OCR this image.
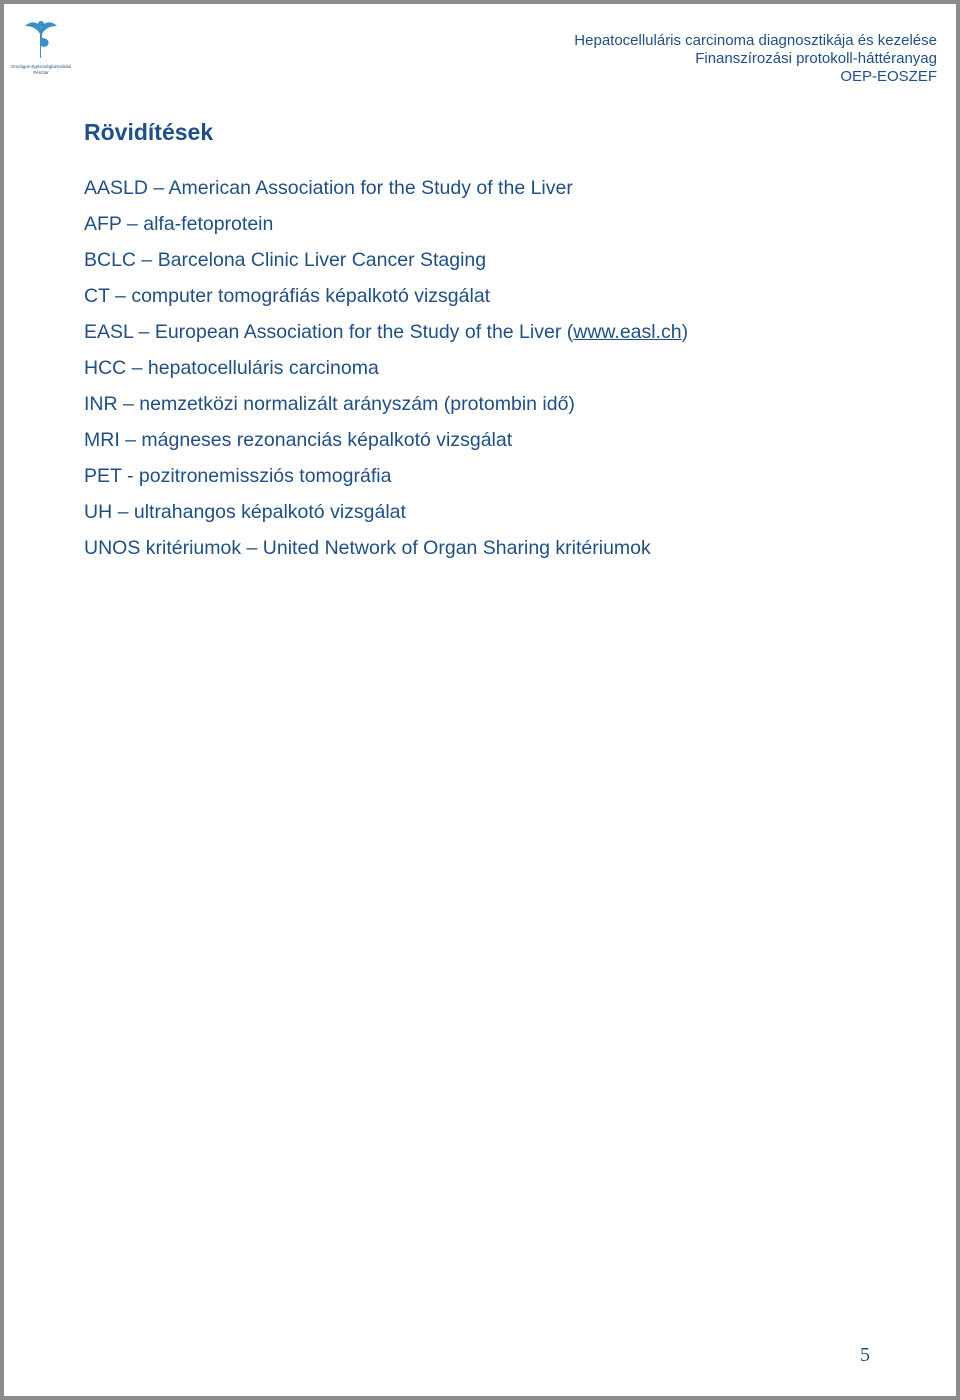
Országos Egészségbiztosítási
Pénztár
Hepatocelluláris carcinoma diagnosztikája és kezelése
Finanszírozási protokoll-háttéranyag
OEP-EOSZEF
Rövidítések
AASLD – American Association for the Study of the Liver
AFP – alfa-fetoprotein
BCLC – Barcelona Clinic Liver Cancer Staging
CT – computer tomográfiás képalkotó vizsgálat
EASL – European Association for the Study of the Liver (www.easl.ch)
HCC – hepatocelluláris carcinoma
INR – nemzetközi normalizált arányszám (protombin idő)
MRI – mágneses rezonanciás képalkotó vizsgálat
PET - pozitronemissziós tomográfia
UH – ultrahangos képalkotó vizsgálat
UNOS kritériumok – United Network of Organ Sharing kritériumok
5
